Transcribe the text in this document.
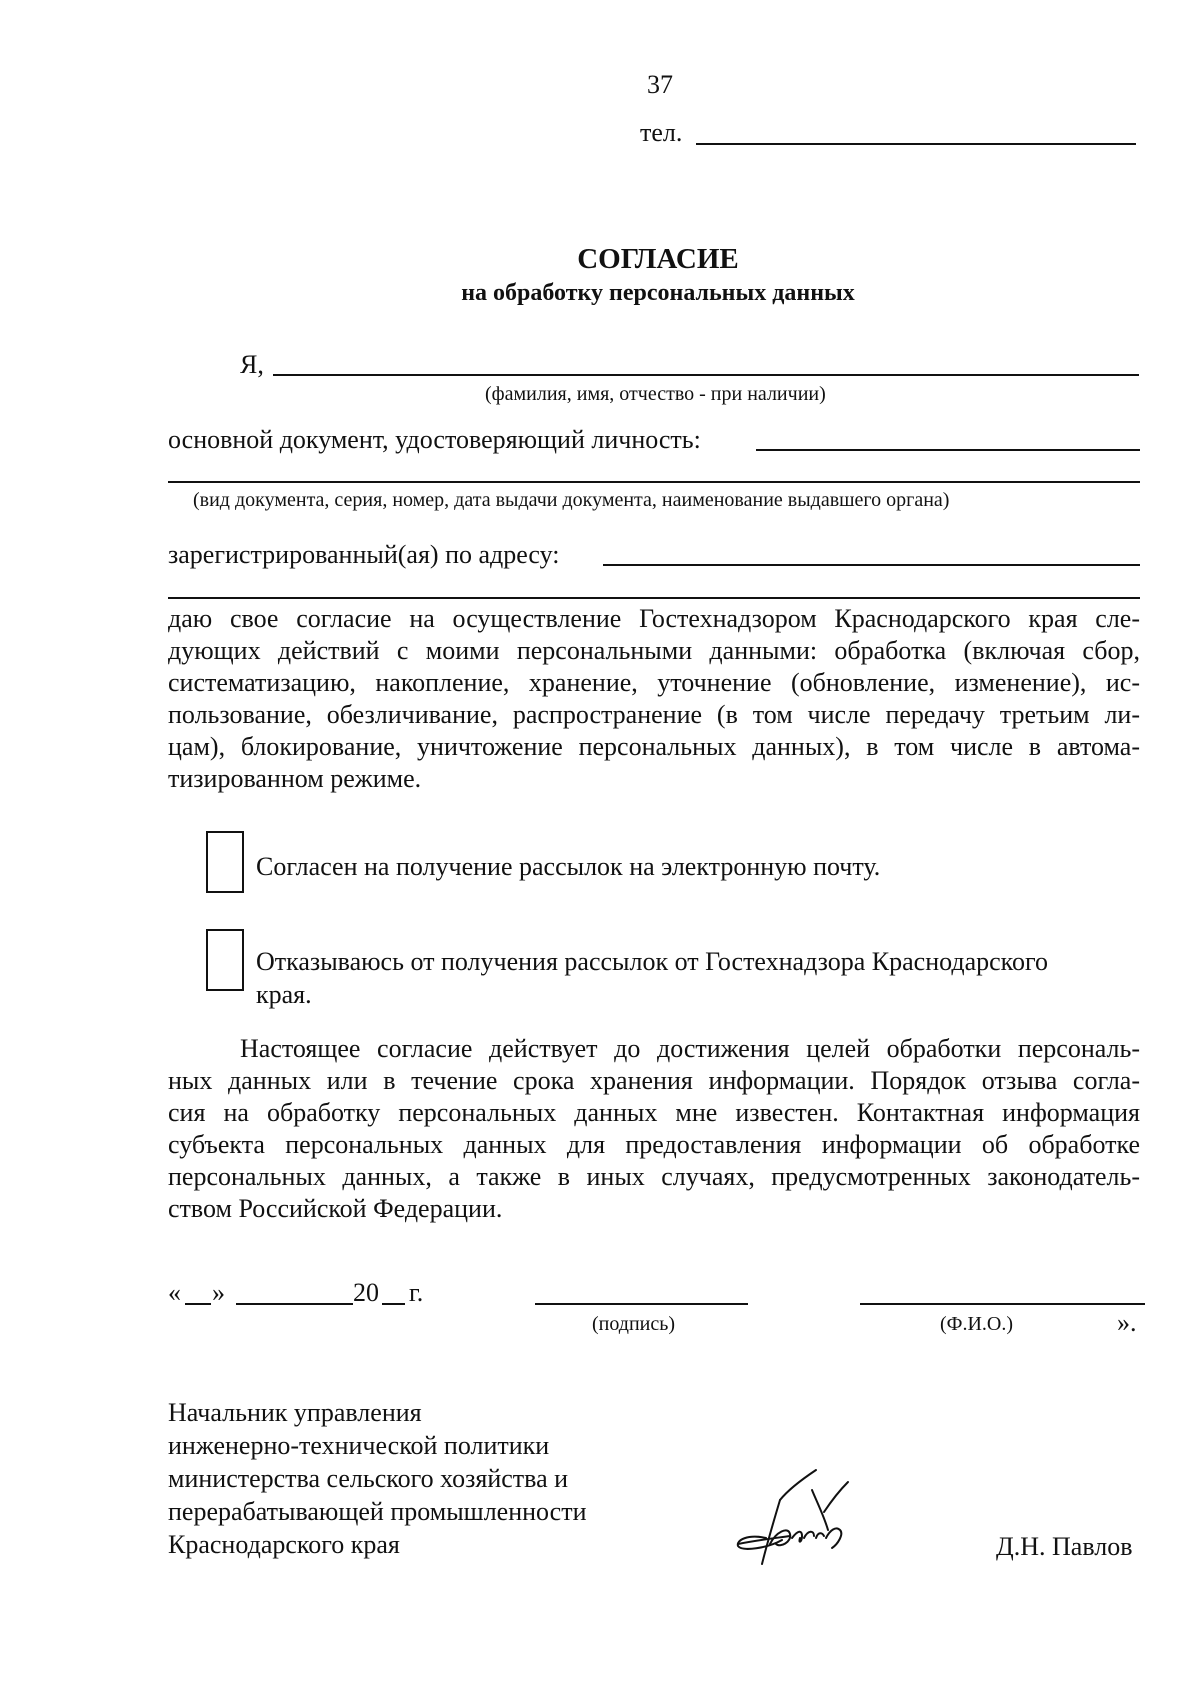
37
тел.
СОГЛАСИЕ
на обработку персональных данных
Я,
(фамилия, имя, отчество - при наличии)
основной документ, удостоверяющий личность:
(вид документа, серия, номер, дата выдачи документа, наименование выдавшего органа)
зарегистрированный(ая) по адресу:
даю свое согласие на осуществление Гостехнадзором Краснодарского края сле-
дующих действий с моими персональными данными: обработка (включая сбор,
систематизацию, накопление, хранение, уточнение (обновление, изменение), ис-
пользование, обезличивание, распространение (в том числе передачу третьим ли-
цам), блокирование, уничтожение персональных данных), в том числе в автома-
тизированном режиме.
Согласен на получение рассылок на электронную почту.
Отказываюсь от получения рассылок от Гостехнадзора Краснодарского
края.
Настоящее согласие действует до достижения целей обработки персональ-
ных данных или в течение срока хранения информации. Порядок отзыва согла-
сия на обработку персональных данных мне известен. Контактная информация
субъекта персональных данных для предоставления информации об обработке
персональных данных, а также в иных случаях, предусмотренных законодатель-
ством Российской Федерации.
« »	20 г.
(подпись)	(Ф.И.О.)	».
Начальник управления
инженерно-технической политики
министерства сельского хозяйства и
перерабатывающей промышленности
Краснодарского края	Д.Н. Павлов
